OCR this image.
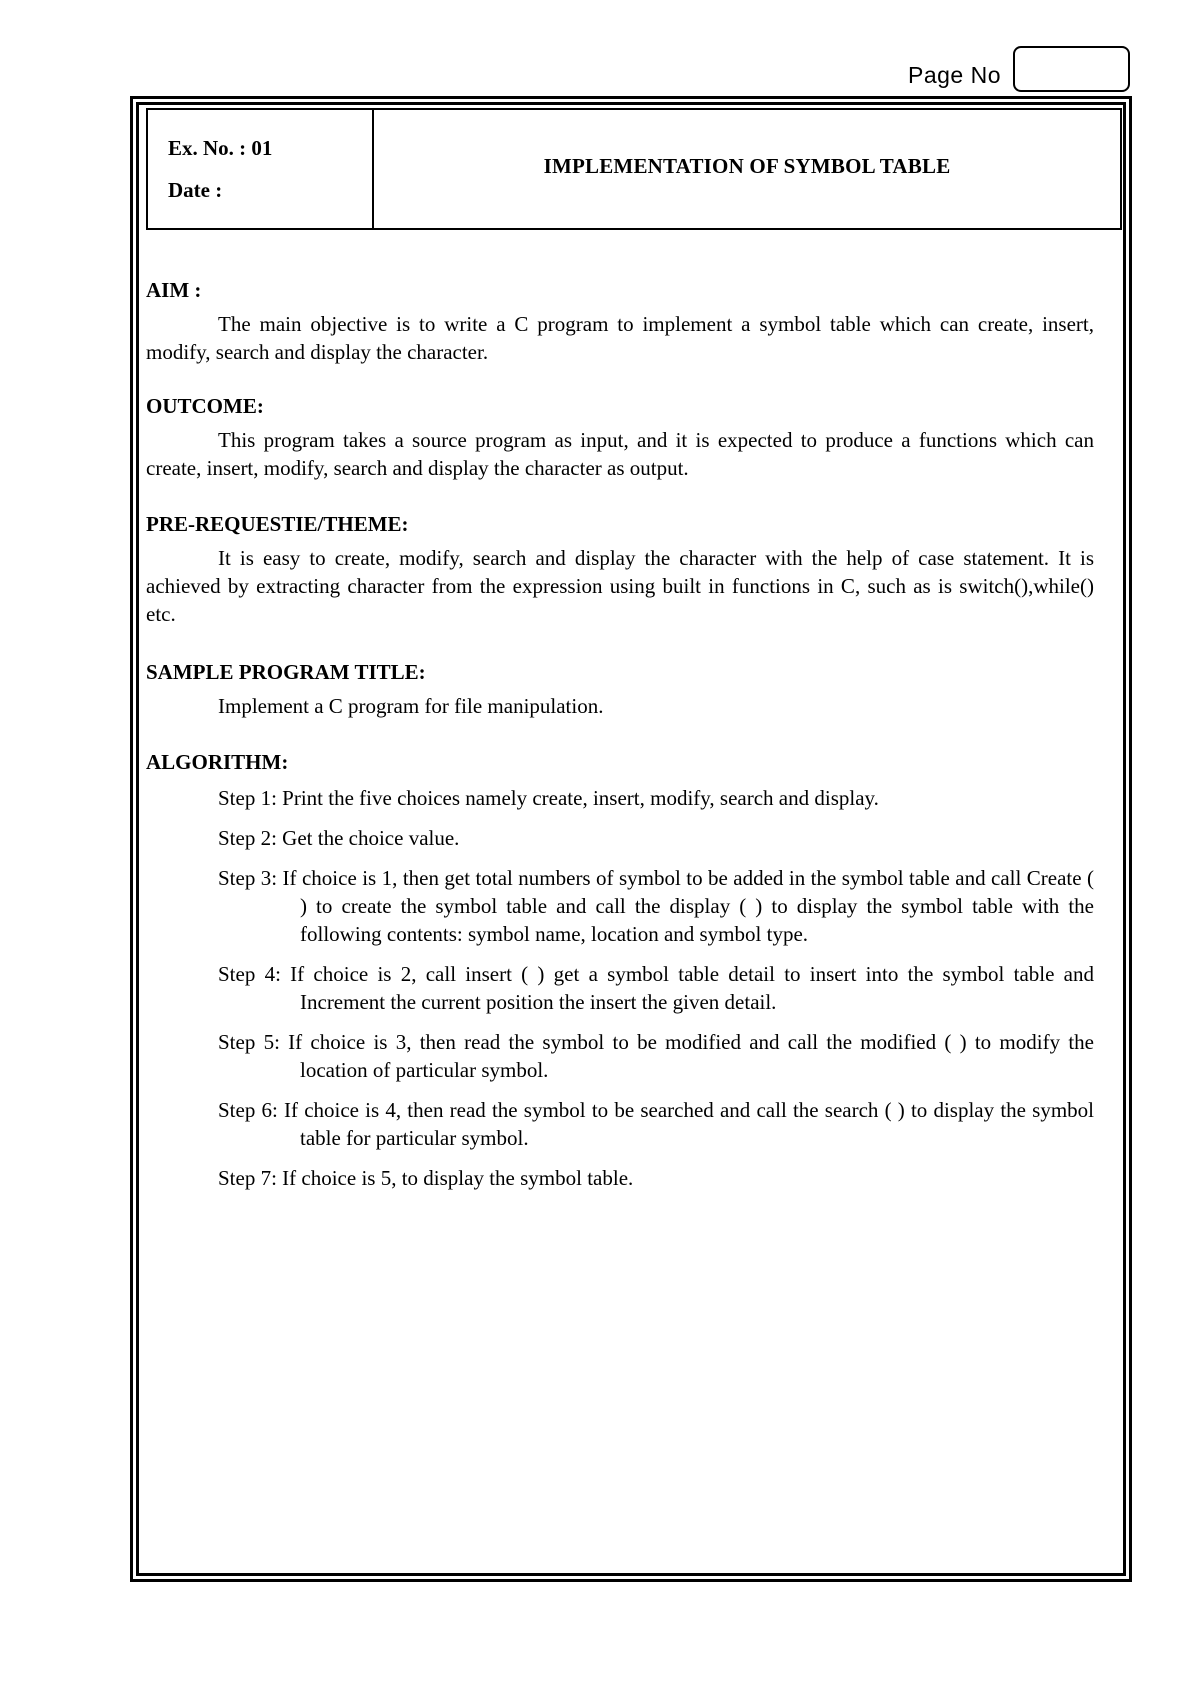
Page No
Ex. No. : 01
Date :
IMPLEMENTATION OF SYMBOL TABLE

AIM :

The main objective is to write a C program to implement a symbol table which can create, insert, modify, search and display the character.

OUTCOME:

This program takes a source program as input, and it is expected to produce a functions which can create, insert, modify, search and display the character as output.

PRE-REQUESTIE/THEME:

It is easy to create, modify, search and display the character with the help of case statement. It is achieved by extracting character from the expression using built in functions in C, such as is switch(),while() etc.

SAMPLE PROGRAM TITLE:

Implement a C program for file manipulation.

ALGORITHM:

Step 1: Print the five choices namely create, insert, modify, search and display.
Step 2: Get the choice value.
Step 3: If choice is 1, then get total numbers of symbol to be added in the symbol table and call Create ( ) to create the symbol table and call the display ( ) to display the symbol table with the following contents: symbol name, location and symbol type.
Step 4: If choice is 2, call insert ( ) get a symbol table detail to insert into the symbol table and Increment the current position the insert the given detail.
Step 5: If choice is 3, then read the symbol to be modified and call the modified ( ) to modify the location of particular symbol.
Step 6: If choice is 4, then read the symbol to be searched and call the search ( ) to display the symbol table for particular symbol.
Step 7: If choice is 5, to display the symbol table.
